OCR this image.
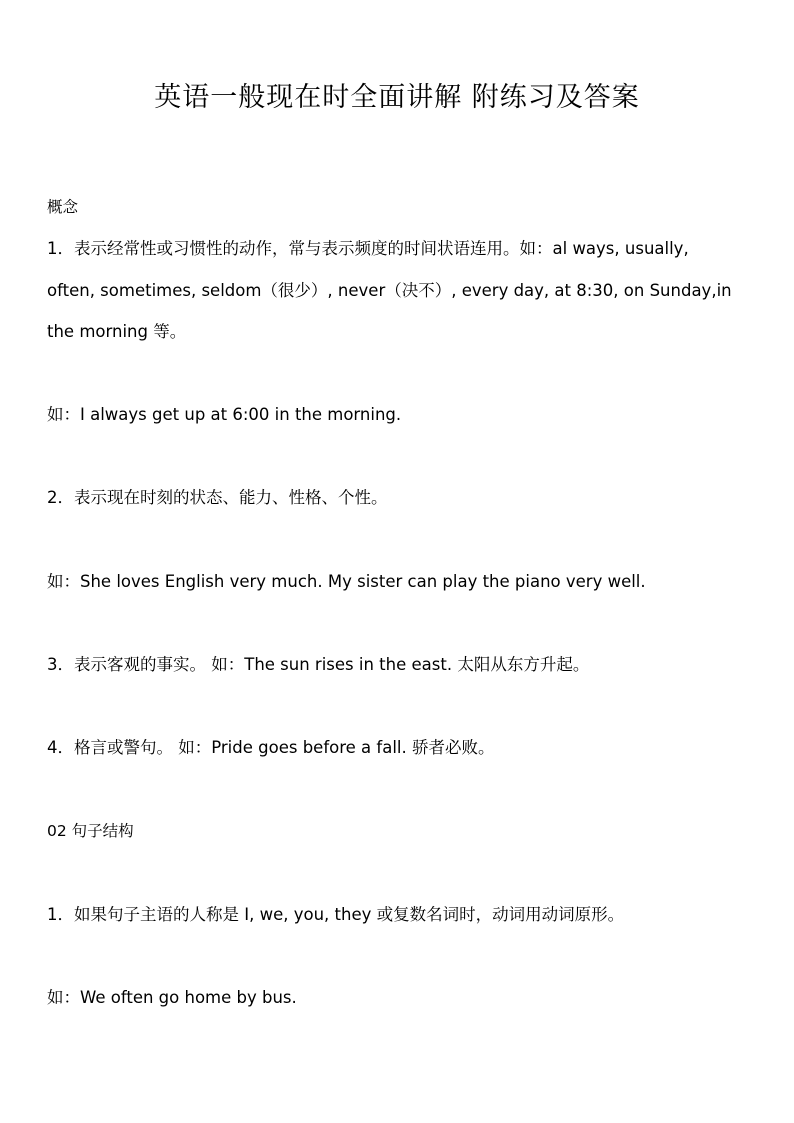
英语一般现在时全面讲解 附练习及答案
概念
1．表示经常性或习惯性的动作，常与表示频度的时间状语连用。如：al ways, usually,
often, sometimes, seldom（很少）, never（决不）, every day, at 8:30, on Sunday,in
the morning 等。
如：I always get up at 6:00 in the morning.
2．表示现在时刻的状态、能力、性格、个性。
如：She loves English very much. My sister can play the piano very well.
3．表示客观的事实。 如：The sun rises in the east. 太阳从东方升起。
4．格言或警句。 如：Pride goes before a fall. 骄者必败。
02 句子结构
1．如果句子主语的人称是 I, we, you, they 或复数名词时，动词用动词原形。
如：We often go home by bus.
